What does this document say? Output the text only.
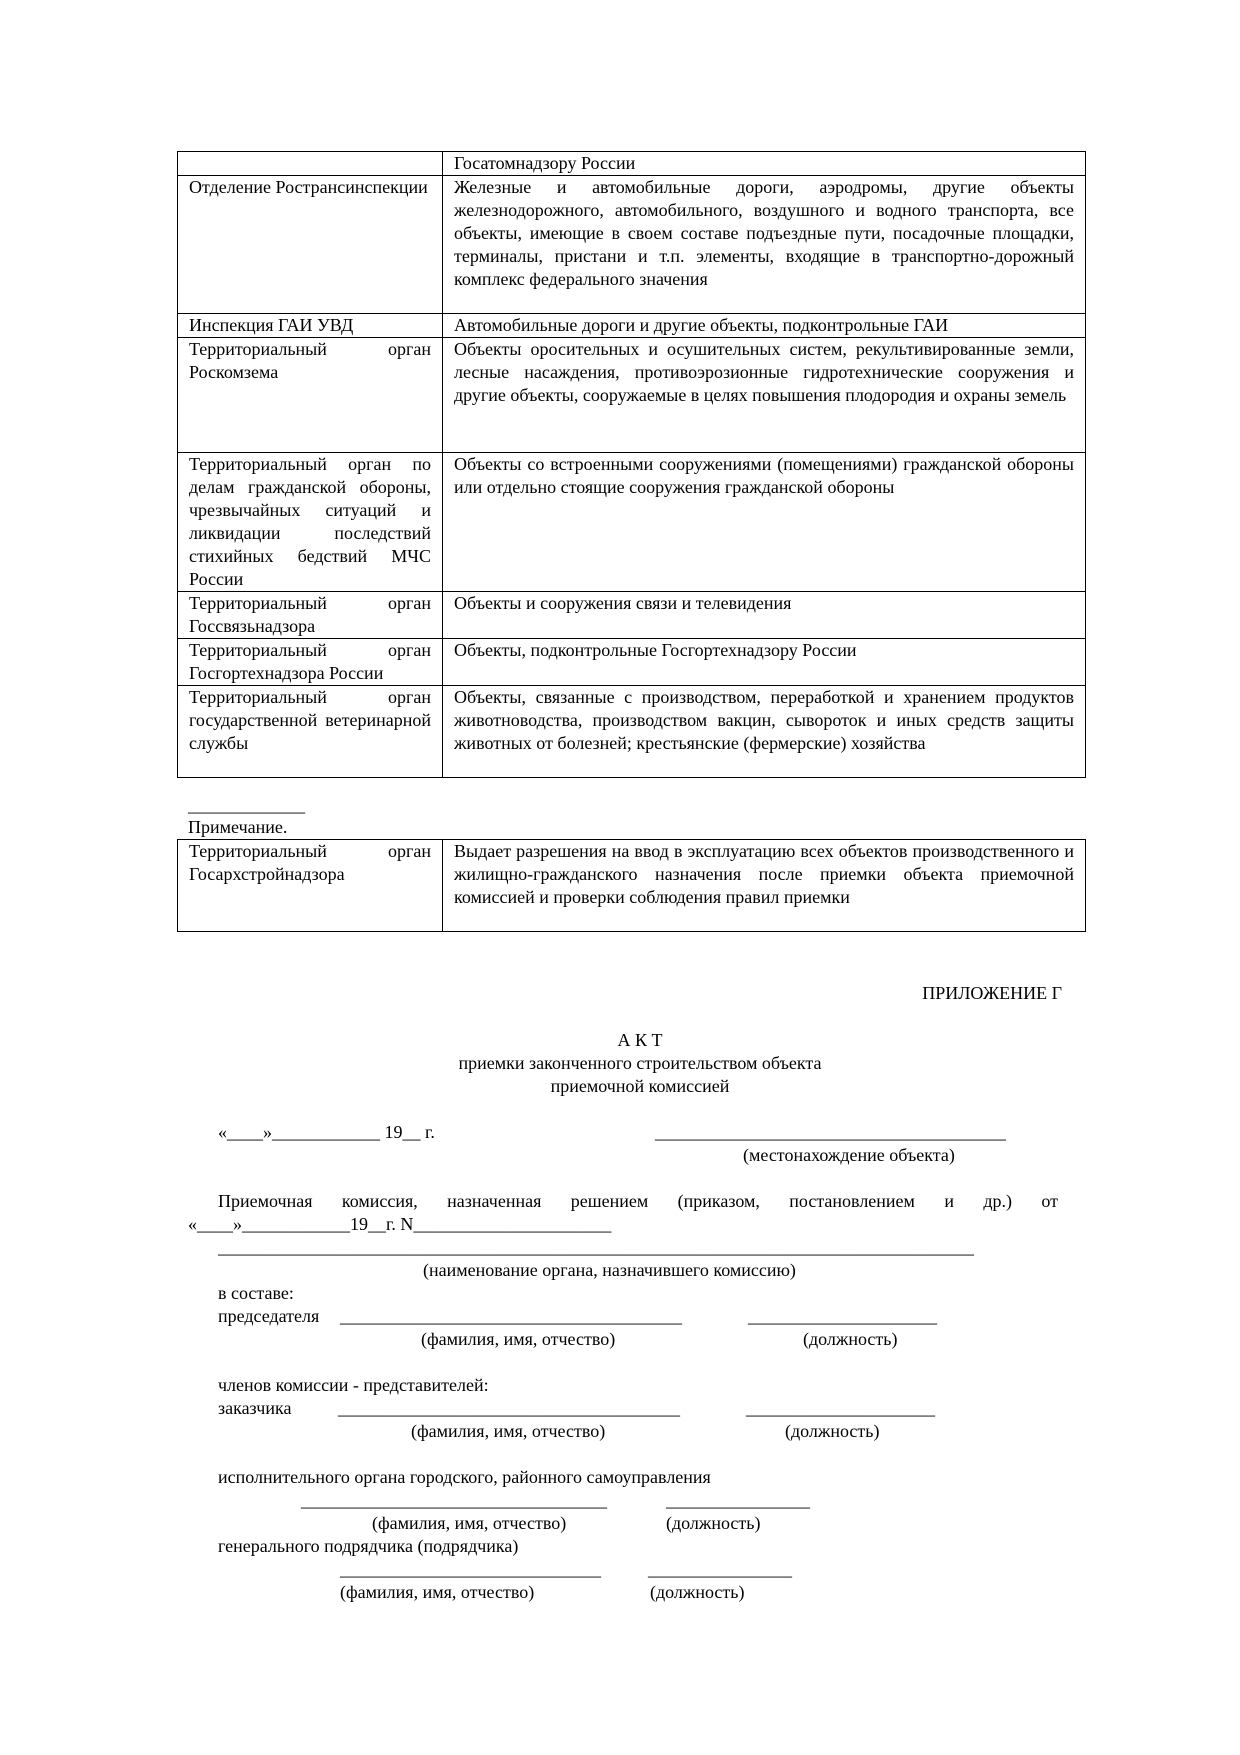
	Госатомнадзору России
Отделение Ространсинспекции	Железные и автомобильные дороги, аэродромы, другие объекты железнодорожного, автомобильного, воздушного и водного транспорта, все объекты, имеющие в своем составе подъездные пути, посадочные площадки, терминалы, пристани и т.п. элементы, входящие в транспортно-дорожный комплекс федерального значения
Инспекция ГАИ УВД	Автомобильные дороги и другие объекты, подконтрольные ГАИ
Территориальный орган Роскомзема	Объекты оросительных и осушительных систем, рекультивированные земли, лесные насаждения, противоэрозионные гидротехнические сооружения и другие объекты, сооружаемые в целях повышения плодородия и охраны земель
Территориальный орган по делам гражданской обороны, чрезвычайных ситуаций и ликвидации последствий стихийных бедствий МЧС России	Объекты со встроенными сооружениями (помещениями) гражданской обороны или отдельно стоящие сооружения гражданской обороны
Территориальный орган Госсвязьнадзора	Объекты и сооружения связи и телевидения
Территориальный орган Госгортехнадзора России	Объекты, подконтрольные Госгортехнадзору России
Территориальный орган государственной ветеринарной службы	Объекты, связанные с производством, переработкой и хранением продуктов животноводства, производством вакцин, сывороток и иных средств защиты животных от болезней; крестьянские (фермерские) хозяйства
_____________
Примечание.
Территориальный орган Госархстройнадзора	Выдает разрешения на ввод в эксплуатацию всех объектов производственного и жилищно-гражданского назначения после приемки объекта приемочной комиссией и проверки соблюдения правил приемки
ПРИЛОЖЕНИЕ Г
А К Т
приемки законченного строительством объекта
приемочной комиссией
«____»____________ 19__ г.	_______________________________________
(местонахождение объекта)
Приемочная комиссия, назначенная решением (приказом, постановлением и др.) от
«____»____________19__г. N______________________
____________________________________________________________________________________
(наименование органа, назначившего комиссию)
в составе:
председателя ______________________________________	_____________________
(фамилия, имя, отчество)	(должность)
членов комиссии - представителей:
заказчика	______________________________________	_____________________
(фамилия, имя, отчество)	(должность)
исполнительного органа городского, районного самоуправления
__________________________________	________________
(фамилия, имя, отчество)	(должность)
генерального подрядчика (подрядчика)
_____________________________	________________
(фамилия, имя, отчество)	(должность)
